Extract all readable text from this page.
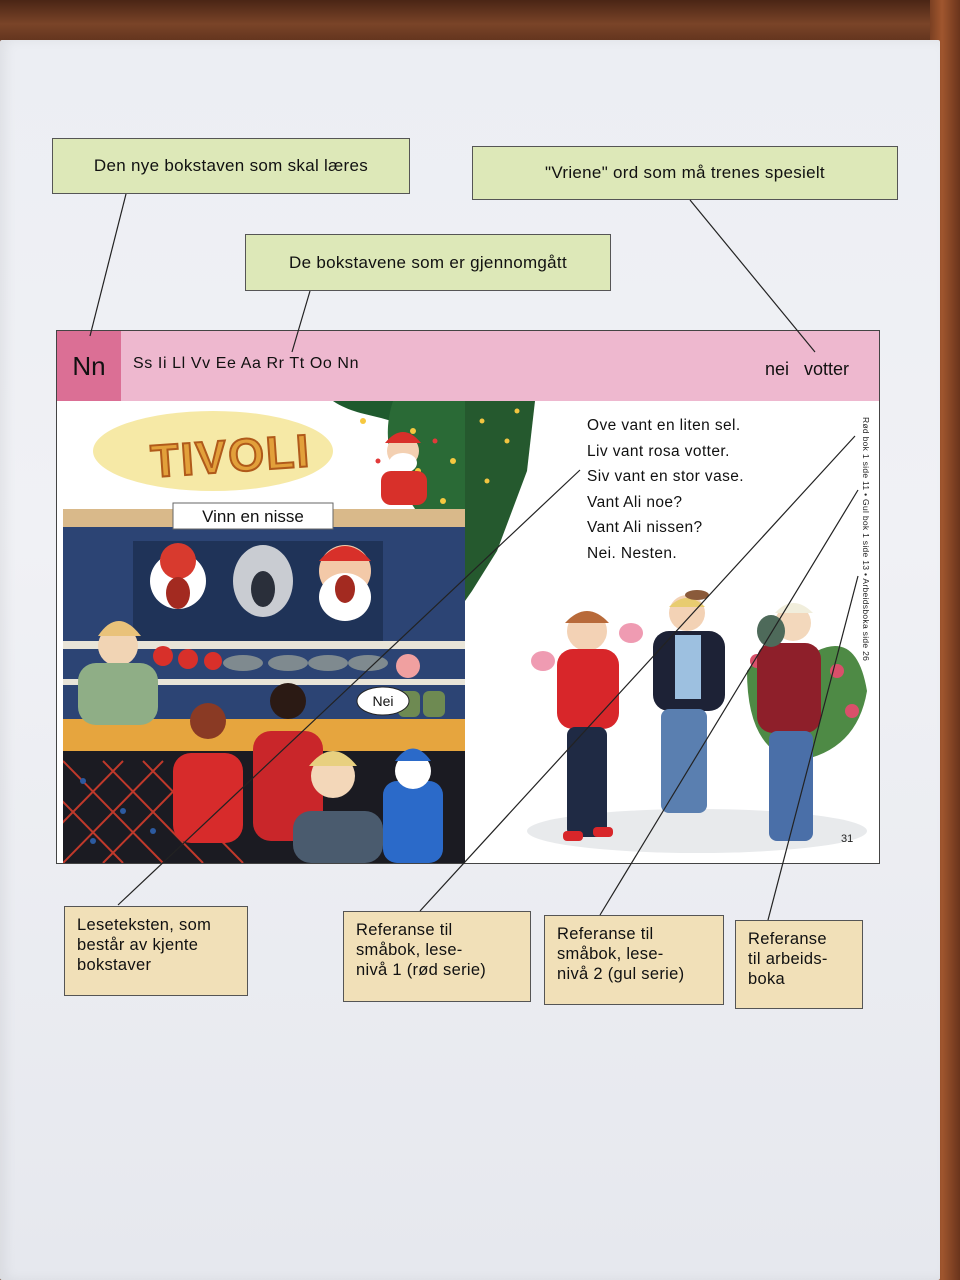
Den nye bokstaven som skal læres	"Vriene" ord som må trenes spesielt
De bokstavene som er gjennomgått
Nn Ss Ii Ll Vv Ee Aa Rr Tt Oo Nn	nei votter
Nei
Vinn en nisse
TIVOLI	Ove vant en liten sel.
Liv vant rosa votter.
Siv vant en stor vase.
Vant Ali noe?
Vant Ali nissen?
Nei. Nesten.	Rød bok 1 side 11 • Gul bok 1 side 13 • Arbeidsboka side 26
31
Leseteksten, som
består av kjente
bokstaver
Referanse til
småbok, lese-
nivå 1 (rød serie)
Referanse til
småbok, lese-
nivå 2 (gul serie)
Referanse
til arbeids-
boka
